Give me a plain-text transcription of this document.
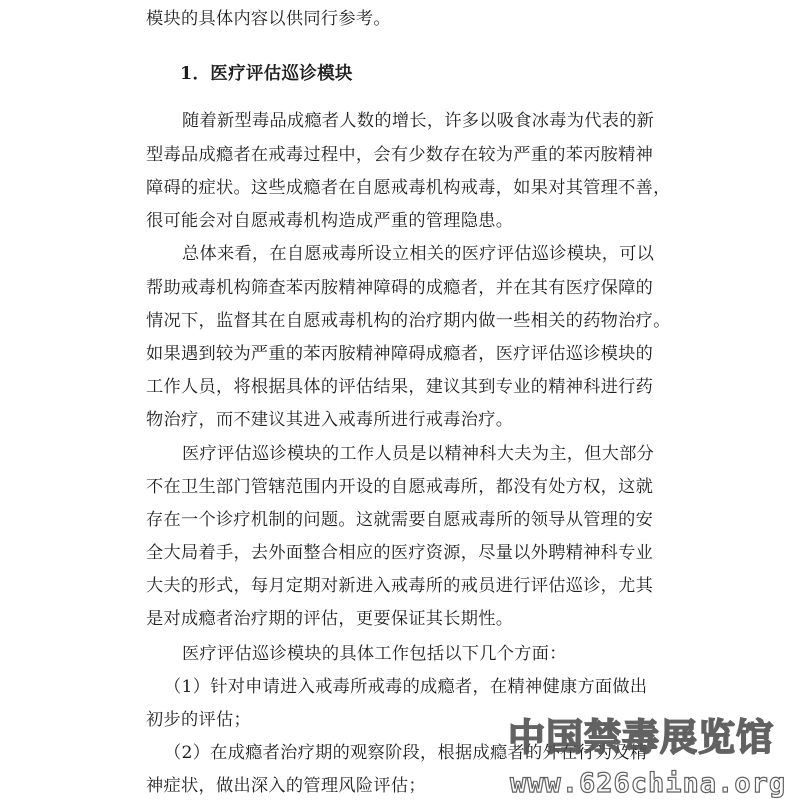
模块的具体内容以供同行参考。
1．医疗评估巡诊模块
随着新型毒品成瘾者人数的增长，许多以吸食冰毒为代表的新
型毒品成瘾者在戒毒过程中，会有少数存在较为严重的苯丙胺精神
障碍的症状。这些成瘾者在自愿戒毒机构戒毒，如果对其管理不善，
很可能会对自愿戒毒机构造成严重的管理隐患。
总体来看，在自愿戒毒所设立相关的医疗评估巡诊模块，可以
帮助戒毒机构筛查苯丙胺精神障碍的成瘾者，并在其有医疗保障的
情况下，监督其在自愿戒毒机构的治疗期内做一些相关的药物治疗。
如果遇到较为严重的苯丙胺精神障碍成瘾者，医疗评估巡诊模块的
工作人员，将根据具体的评估结果，建议其到专业的精神科进行药
物治疗，而不建议其进入戒毒所进行戒毒治疗。
医疗评估巡诊模块的工作人员是以精神科大夫为主，但大部分
不在卫生部门管辖范围内开设的自愿戒毒所，都没有处方权，这就
存在一个诊疗机制的问题。这就需要自愿戒毒所的领导从管理的安
全大局着手，去外面整合相应的医疗资源，尽量以外聘精神科专业
大夫的形式，每月定期对新进入戒毒所的戒员进行评估巡诊，尤其
是对成瘾者治疗期的评估，更要保证其长期性。
医疗评估巡诊模块的具体工作包括以下几个方面：
（1）针对申请进入戒毒所戒毒的成瘾者，在精神健康方面做出
初步的评估；
（2）在成瘾者治疗期的观察阶段，根据成瘾者的外在行为及精
神症状，做出深入的管理风险评估；
中国禁毒展览馆
www.626china.org
